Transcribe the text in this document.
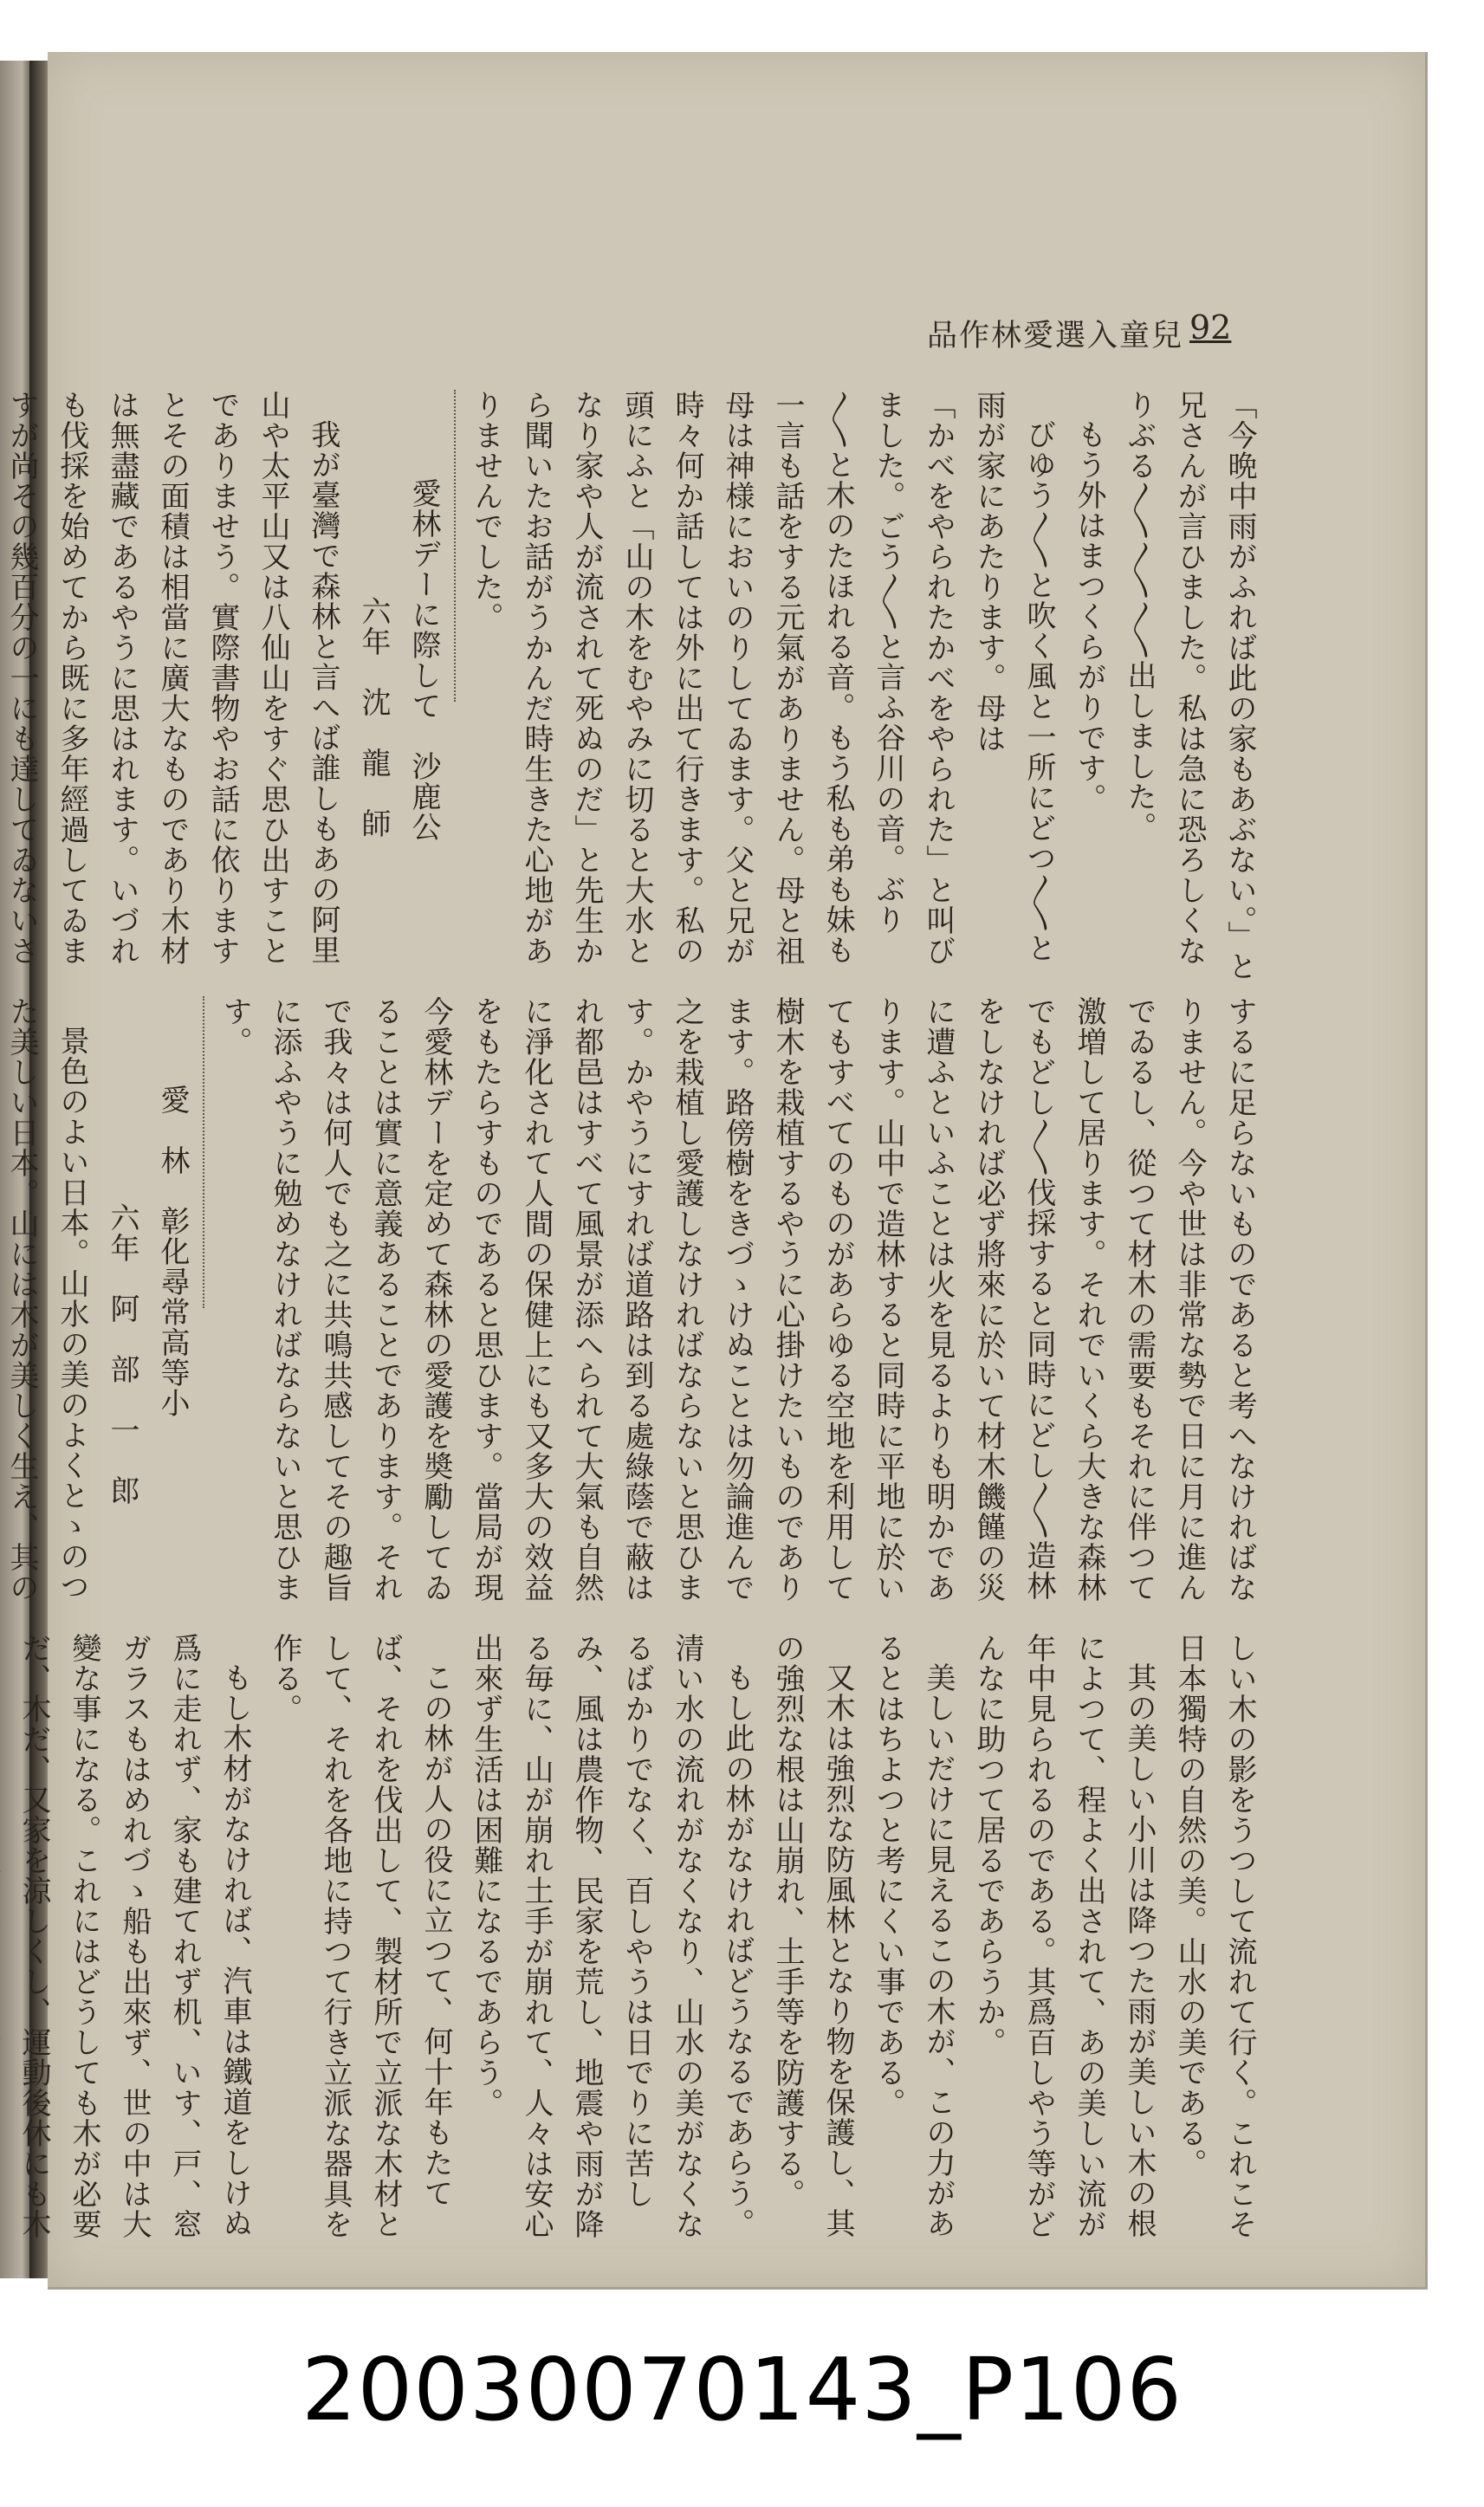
品作林愛選入童兒 92

「今晩中雨がふれば此の家もあぶない。」と兄さんが言ひました。私は急に恐ろしくなりぶる〱〱〱出しました。

もう外はまつくらがりです。

びゆう〱と吹く風と一所にどつ〱と雨が家にあたります。母は

「かべをやられたかべをやられた」と叫びました。ごう〱と言ふ谷川の音。ぶり〱と木のたほれる音。もう私も弟も妹も一言も話をする元氣がありません。母と祖母は神様においのりしてゐます。父と兄が時々何か話しては外に出て行きます。私の頭にふと「山の木をむやみに切ると大水となり家や人が流されて死ぬのだ」と先生から聞いたお話がうかんだ時生きた心地がありませんでした。

愛林デーに際して　沙鹿公

六年　沈　龍　師

我が臺灣で森林と言へば誰しもあの阿里山や太平山又は八仙山をすぐ思ひ出すことでありませう。實際書物やお話に依りますとその面積は相當に廣大なものであり木材は無盡藏であるやうに思はれます。いづれも伐採を始めてから既に多年經過してゐますが尚その幾百分の一にも達してゐないさ

するに足らないものであると考へなければなりません。今や世は非常な勢で日に月に進んでゐるし、從つて材木の需要もそれに伴つて激増して居ります。それでいくら大きな森林でもどし〱伐採すると同時にどし〱造林をしなければ必ず將來に於いて材木饑饉の災に遭ふといふことは火を見るよりも明かであります。山中で造林すると同時に平地に於いてもすべてのものがあらゆる空地を利用して樹木を栽植するやうに心掛けたいものであります。路傍樹をきづゝけぬことは勿論進んで之を栽植し愛護しなければならないと思ひます。かやうにすれば道路は到る處綠蔭で蔽はれ都邑はすべて風景が添へられて大氣も自然に淨化されて人間の保健上にも又多大の效益をもたらすものであると思ひます。當局が現今愛林デーを定めて森林の愛護を奬勵してゐることは實に意義あることであります。それで我々は何人でも之に共鳴共感してその趣旨に添ふやうに勉めなければならないと思ひます。

愛　林　彰化尋常高等小

六年　阿　部　一　郎

景色のよい日本。山水の美のよくとゝのつた美しい日本。山には木が美しく生え、其の

しい木の影をうつして流れて行く。これこそ日本獨特の自然の美。山水の美である。

其の美しい小川は降つた雨が美しい木の根によつて、程よく出されて、あの美しい流が年中見られるのである。其爲百しやう等がどんなに助つて居るであらうか。

美しいだけに見えるこの木が、この力があるとはちよつと考にくい事である。

又木は強烈な防風林となり物を保護し、其の強烈な根は山崩れ、土手等を防護する。

もし此の林がなければどうなるであらう。清い水の流れがなくなり、山水の美がなくなるばかりでなく、百しやうは日でりに苦しみ、風は農作物、民家を荒し、地震や雨が降る毎に、山が崩れ土手が崩れて、人々は安心出來ず生活は困難になるであらう。

この林が人の役に立つて、何十年もたてば、それを伐出して、製材所で立派な木材として、それを各地に持つて行き立派な器具を作る。

もし木材がなければ、汽車は鐵道をしけぬ爲に走れず、家も建てれず机、いす、戸、窓ガラスもはめれづゝ船も出來ず、世の中は大變な事になる。これにはどうしても木が必要だ、木だ、又家を涼しくし、運動後休にも木

20030070143_P106
